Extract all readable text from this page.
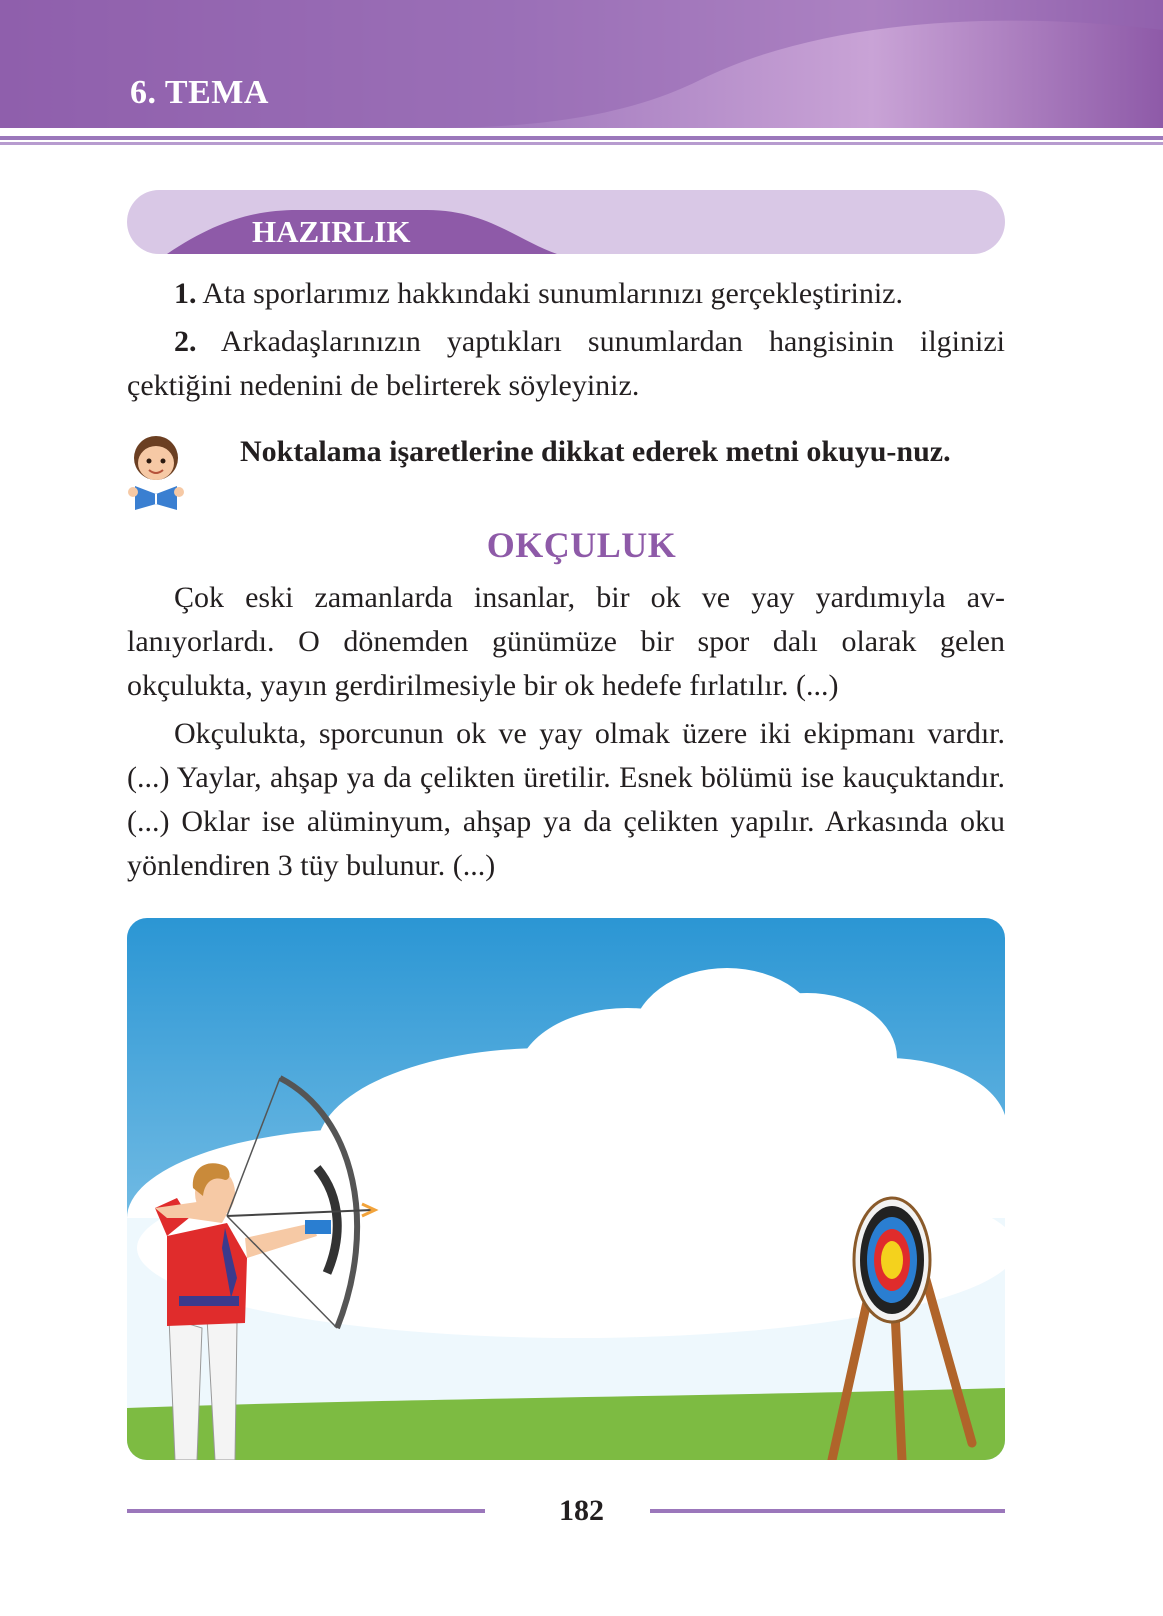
6. TEMA
HAZIRLIK
1. Ata sporlarımız hakkındaki sunumlarınızı gerçekleştiriniz.
2. Arkadaşlarınızın yaptıkları sunumlardan hangisinin ilginizi çektiğini nedenini de belirterek söyleyiniz.
Noktalama işaretlerine dikkat ederek metni okuyu-nuz.
OKÇULUK
Çok eski zamanlarda insanlar, bir ok ve yay yardımıyla av-lanıyorlardı. O dönemden günümüze bir spor dalı olarak gelen okçulukta, yayın gerdirilmesiyle bir ok hedefe fırlatılır. (...)
Okçulukta, sporcunun ok ve yay olmak üzere iki ekipmanı vardır. (...) Yaylar, ahşap ya da çelikten üretilir. Esnek bölümü ise kauçuktandır. (...) Oklar ise alüminyum, ahşap ya da çelikten yapılır. Arkasında oku yönlendiren 3 tüy bulunur. (...)
182
